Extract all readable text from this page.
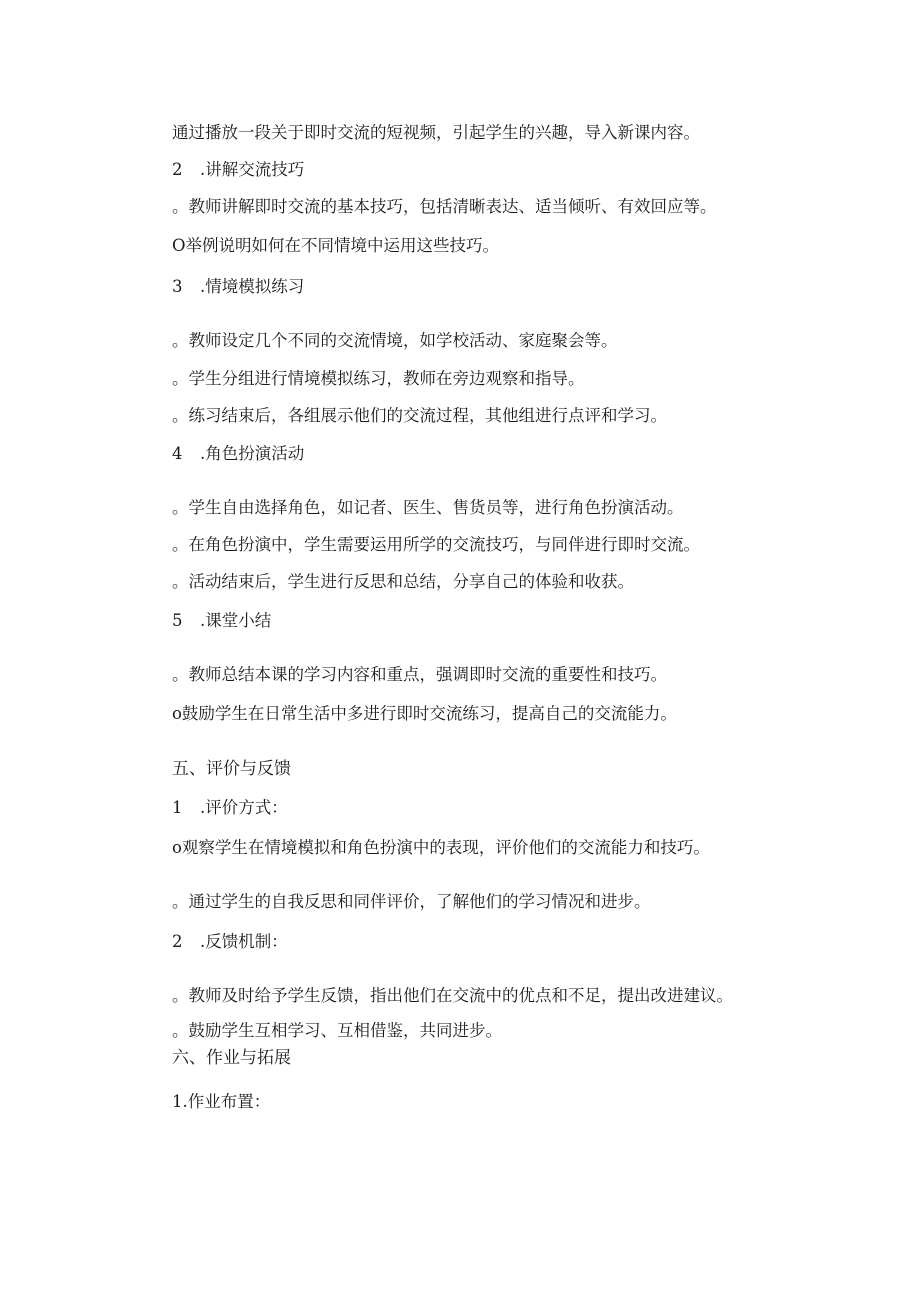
通过播放一段关于即时交流的短视频，引起学生的兴趣，导入新课内容。
2 .讲解交流技巧
。教师讲解即时交流的基本技巧，包括清晰表达、适当倾听、有效回应等。
O举例说明如何在不同情境中运用这些技巧。
3 .情境模拟练习
。教师设定几个不同的交流情境，如学校活动、家庭聚会等。
。学生分组进行情境模拟练习，教师在旁边观察和指导。
。练习结束后，各组展示他们的交流过程，其他组进行点评和学习。
4 .角色扮演活动
。学生自由选择角色，如记者、医生、售货员等，进行角色扮演活动。
。在角色扮演中，学生需要运用所学的交流技巧，与同伴进行即时交流。
。活动结束后，学生进行反思和总结，分享自己的体验和收获。
5 .课堂小结
。教师总结本课的学习内容和重点，强调即时交流的重要性和技巧。
o鼓励学生在日常生活中多进行即时交流练习，提高自己的交流能力。
五、评价与反馈
1 .评价方式：
o观察学生在情境模拟和角色扮演中的表现，评价他们的交流能力和技巧。
。通过学生的自我反思和同伴评价，了解他们的学习情况和进步。
2 .反馈机制：
。教师及时给予学生反馈，指出他们在交流中的优点和不足，提出改进建议。
。鼓励学生互相学习、互相借鉴，共同进步。
六、作业与拓展
1.作业布置：
